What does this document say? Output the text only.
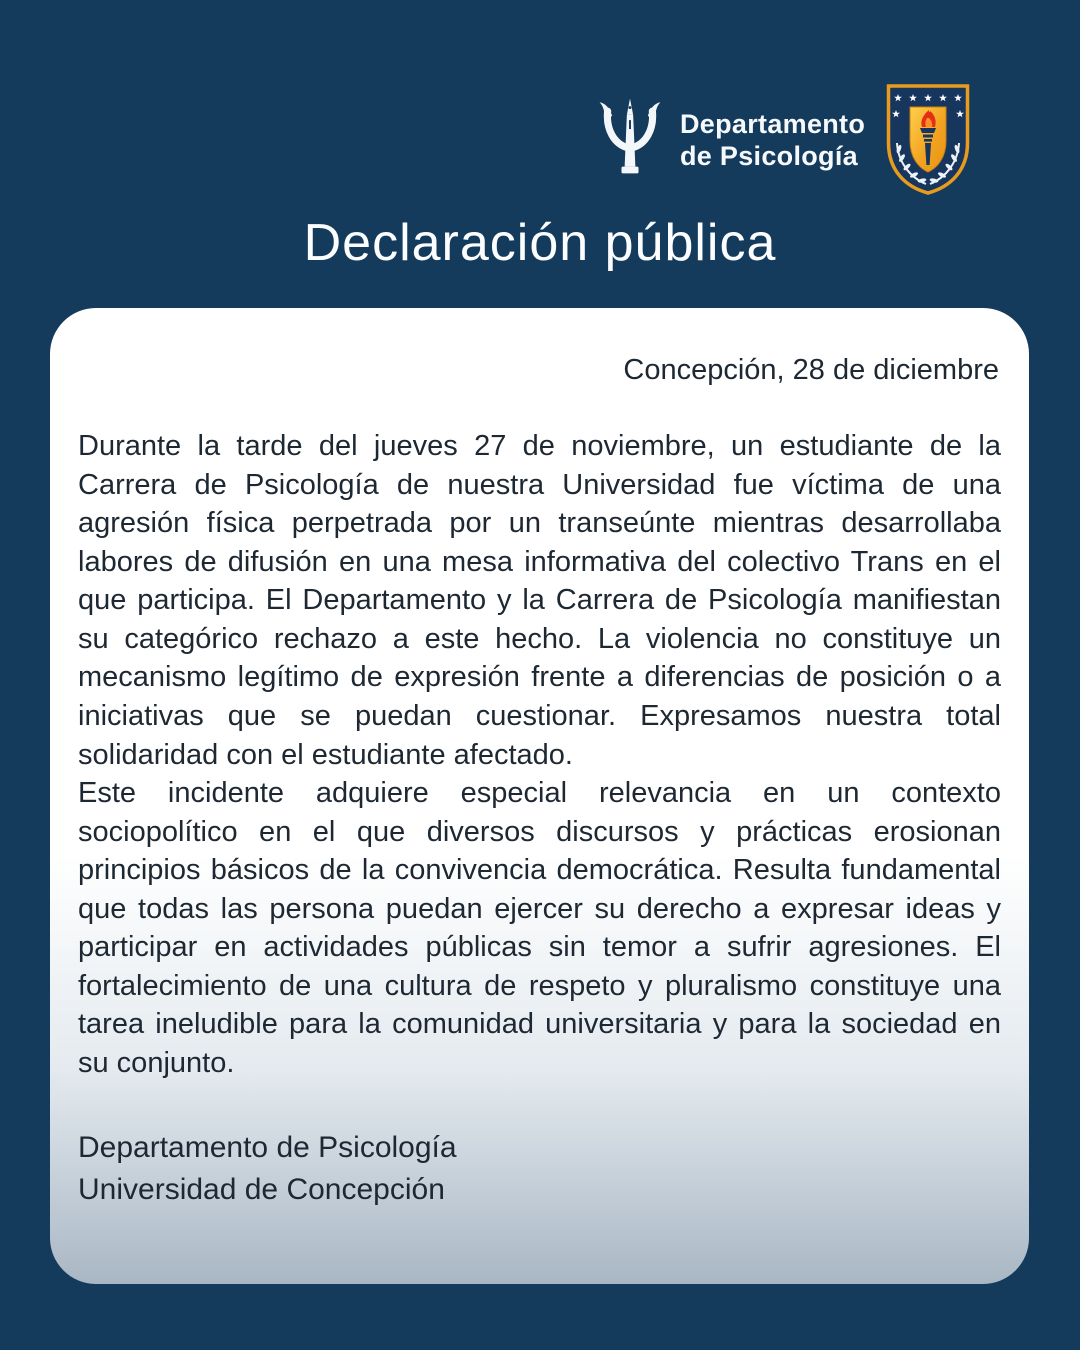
Departamento
de Psicología
Declaración pública

Concepción, 28 de diciembre

Durante la tarde del jueves 27 de noviembre, un estudiante de la Carrera de Psicología de nuestra Universidad fue víctima de una agresión física perpetrada por un transeúnte mientras desarrollaba labores de difusión en una mesa informativa del colectivo Trans en el que participa. El Departamento y la Carrera de Psicología manifiestan su categórico rechazo a este hecho. La violencia no constituye un mecanismo legítimo de expresión frente a diferencias de posición o a iniciativas que se puedan cuestionar. Expresamos nuestra total solidaridad con el estudiante afectado.

Este incidente adquiere especial relevancia en un contexto sociopolítico en el que diversos discursos y prácticas erosionan principios básicos de la convivencia democrática. Resulta fundamental que todas las persona puedan ejercer su derecho a expresar ideas y participar en actividades públicas sin temor a sufrir agresiones. El fortalecimiento de una cultura de respeto y pluralismo constituye una tarea ineludible para la comunidad universitaria y para la sociedad en su conjunto.

Departamento de Psicología
Universidad de Concepción
